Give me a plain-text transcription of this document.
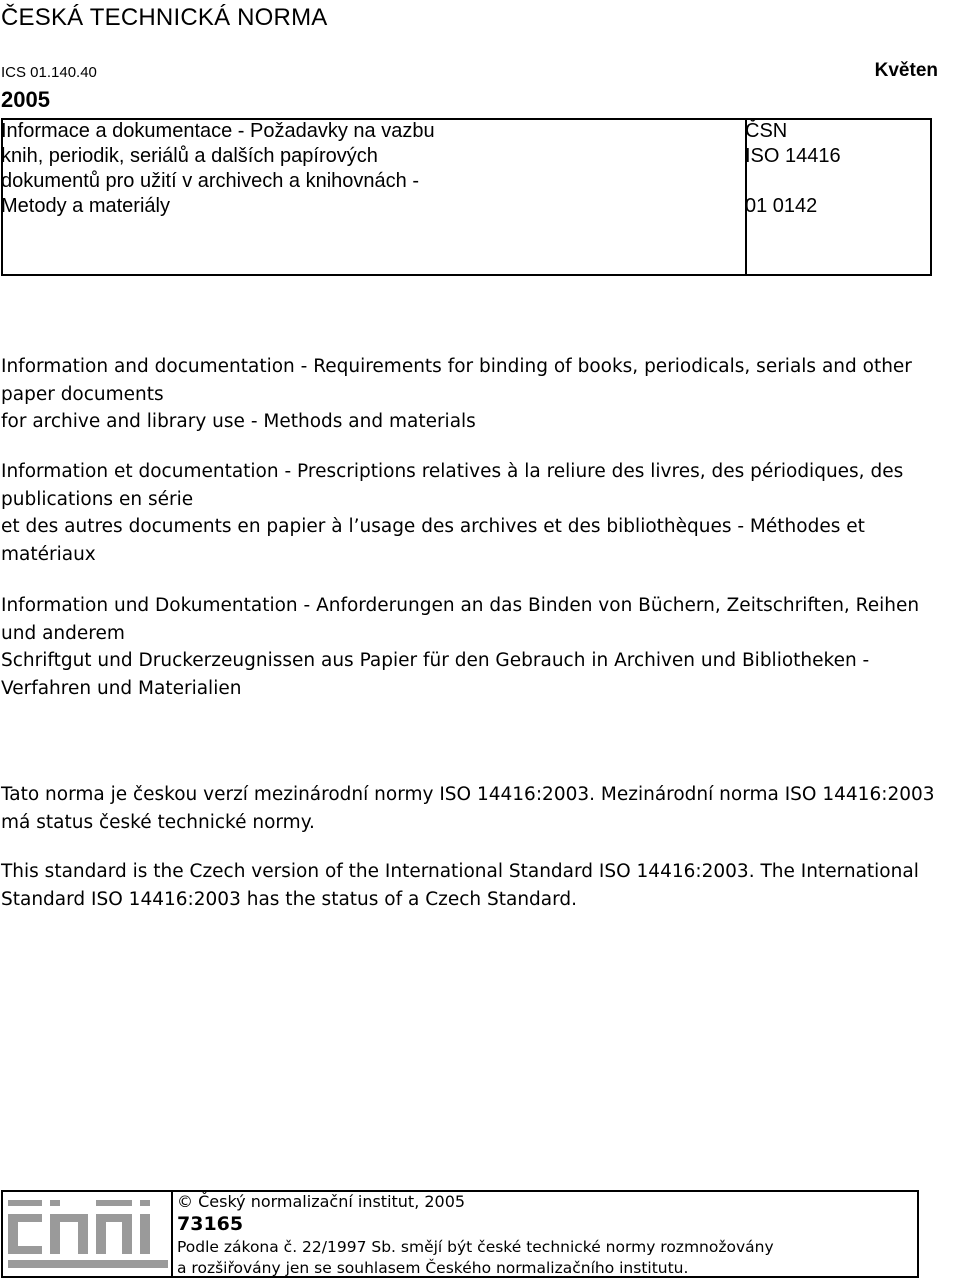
ČESKÁ TECHNICKÁ NORMA
ICS 01.140.40	Květen
2005
Informace a dokumentace - Požadavky na vazbu
knih, periodik, seriálů a dalších papírových
dokumentů pro užití v archivech a knihovnách -
Metody a materiály
ČSN
ISO 14416
01 0142
Information and documentation - Requirements for binding of books, periodicals, serials and other
paper documents
for archive and library use - Methods and materials
Information et documentation - Prescriptions relatives à la reliure des livres, des périodiques, des
publications en série
et des autres documents en papier à l’usage des archives et des bibliothèques - Méthodes et
matériaux
Information und Dokumentation - Anforderungen an das Binden von Büchern, Zeitschriften, Reihen
und anderem
Schriftgut und Druckerzeugnissen aus Papier für den Gebrauch in Archiven und Bibliotheken -
Verfahren und Materialien
Tato norma je českou verzí mezinárodní normy ISO 14416:2003. Mezinárodní norma ISO 14416:2003
má status české technické normy.
This standard is the Czech version of the International Standard ISO 14416:2003. The International
Standard ISO 14416:2003 has the status of a Czech Standard.
© Český normalizační institut, 2005
73165
Podle zákona č. 22/1997 Sb. smějí být české technické normy rozmnožovány
a rozšiřovány jen se souhlasem Českého normalizačního institutu.
